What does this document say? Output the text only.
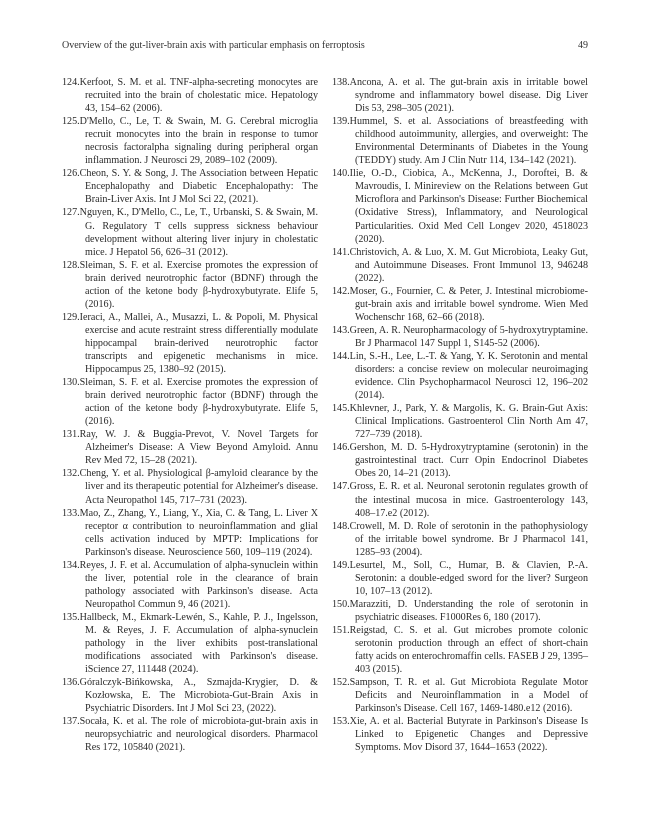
Overview of the gut-liver-brain axis with particular emphasis on ferroptosis	49

124.Kerfoot, S. M. et al. TNF-alpha-secreting monocytes are recruited into the brain of cholestatic mice. Hepatology 43, 154–62 (2006).

125.D'Mello, C., Le, T. & Swain, M. G. Cerebral microglia recruit monocytes into the brain in response to tumor necrosis factoralpha signaling during peripheral organ inflammation. J Neurosci 29, 2089–102 (2009).

126.Cheon, S. Y. & Song, J. The Association between Hepatic Encephalopathy and Diabetic Encephalopathy: The Brain-Liver Axis. Int J Mol Sci 22, (2021).

127.Nguyen, K., D'Mello, C., Le, T., Urbanski, S. & Swain, M. G. Regulatory T cells suppress sickness behaviour development without altering liver injury in cholestatic mice. J Hepatol 56, 626–31 (2012).

128.Sleiman, S. F. et al. Exercise promotes the expression of brain derived neurotrophic factor (BDNF) through the action of the ketone body β-hydroxybutyrate. Elife 5, (2016).

129.Ieraci, A., Mallei, A., Musazzi, L. & Popoli, M. Physical exercise and acute restraint stress differentially modulate hippocampal brain-derived neurotrophic factor transcripts and epigenetic mechanisms in mice. Hippocampus 25, 1380–92 (2015).

130.Sleiman, S. F. et al. Exercise promotes the expression of brain derived neurotrophic factor (BDNF) through the action of the ketone body β-hydroxybutyrate. Elife 5, (2016).

131.Ray, W. J. & Buggia-Prevot, V. Novel Targets for Alzheimer's Disease: A View Beyond Amyloid. Annu Rev Med 72, 15–28 (2021).

132.Cheng, Y. et al. Physiological β-amyloid clearance by the liver and its therapeutic potential for Alzheimer's disease. Acta Neuropathol 145, 717–731 (2023).

133.Mao, Z., Zhang, Y., Liang, Y., Xia, C. & Tang, L. Liver X receptor α contribution to neuroinflammation and glial cells activation induced by MPTP: Implications for Parkinson's disease. Neuroscience 560, 109–119 (2024).

134.Reyes, J. F. et al. Accumulation of alpha-synuclein within the liver, potential role in the clearance of brain pathology associated with Parkinson's disease. Acta Neuropathol Commun 9, 46 (2021).

135.Hallbeck, M., Ekmark-Lewén, S., Kahle, P. J., Ingelsson, M. & Reyes, J. F. Accumulation of alpha-synuclein pathology in the liver exhibits post-translational modifications associated with Parkinson's disease. iScience 27, 111448 (2024).

136.Góralczyk-Bińkowska, A., Szmajda-Krygier, D. & Kozłowska, E. The Microbiota-Gut-Brain Axis in Psychiatric Disorders. Int J Mol Sci 23, (2022).

137.Socała, K. et al. The role of microbiota-gut-brain axis in neuropsychiatric and neurological disorders. Pharmacol Res 172, 105840 (2021).

138.Ancona, A. et al. The gut-brain axis in irritable bowel syndrome and inflammatory bowel disease. Dig Liver Dis 53, 298–305 (2021).

139.Hummel, S. et al. Associations of breastfeeding with childhood autoimmunity, allergies, and overweight: The Environmental Determinants of Diabetes in the Young (TEDDY) study. Am J Clin Nutr 114, 134–142 (2021).

140.Ilie, O.-D., Ciobica, A., McKenna, J., Doroftei, B. & Mavroudis, I. Minireview on the Relations between Gut Microflora and Parkinson's Disease: Further Biochemical (Oxidative Stress), Inflammatory, and Neurological Particularities. Oxid Med Cell Longev 2020, 4518023 (2020).

141.Christovich, A. & Luo, X. M. Gut Microbiota, Leaky Gut, and Autoimmune Diseases. Front Immunol 13, 946248 (2022).

142.Moser, G., Fournier, C. & Peter, J. Intestinal microbiome-gut-brain axis and irritable bowel syndrome. Wien Med Wochenschr 168, 62–66 (2018).

143.Green, A. R. Neuropharmacology of 5-hydroxytryptamine. Br J Pharmacol 147 Suppl 1, S145-52 (2006).

144.Lin, S.-H., Lee, L.-T. & Yang, Y. K. Serotonin and mental disorders: a concise review on molecular neuroimaging evidence. Clin Psychopharmacol Neurosci 12, 196–202 (2014).

145.Khlevner, J., Park, Y. & Margolis, K. G. Brain-Gut Axis: Clinical Implications. Gastroenterol Clin North Am 47, 727–739 (2018).

146.Gershon, M. D. 5-Hydroxytryptamine (serotonin) in the gastrointestinal tract. Curr Opin Endocrinol Diabetes Obes 20, 14–21 (2013).

147.Gross, E. R. et al. Neuronal serotonin regulates growth of the intestinal mucosa in mice. Gastroenterology 143, 408–17.e2 (2012).

148.Crowell, M. D. Role of serotonin in the pathophysiology of the irritable bowel syndrome. Br J Pharmacol 141, 1285–93 (2004).

149.Lesurtel, M., Soll, C., Humar, B. & Clavien, P.-A. Serotonin: a double-edged sword for the liver? Surgeon 10, 107–13 (2012).

150.Marazziti, D. Understanding the role of serotonin in psychiatric diseases. F1000Res 6, 180 (2017).

151.Reigstad, C. S. et al. Gut microbes promote colonic serotonin production through an effect of short-chain fatty acids on enterochromaffin cells. FASEB J 29, 1395–403 (2015).

152.Sampson, T. R. et al. Gut Microbiota Regulate Motor Deficits and Neuroinflammation in a Model of Parkinson's Disease. Cell 167, 1469-1480.e12 (2016).

153.Xie, A. et al. Bacterial Butyrate in Parkinson's Disease Is Linked to Epigenetic Changes and Depressive Symptoms. Mov Disord 37, 1644–1653 (2022).
